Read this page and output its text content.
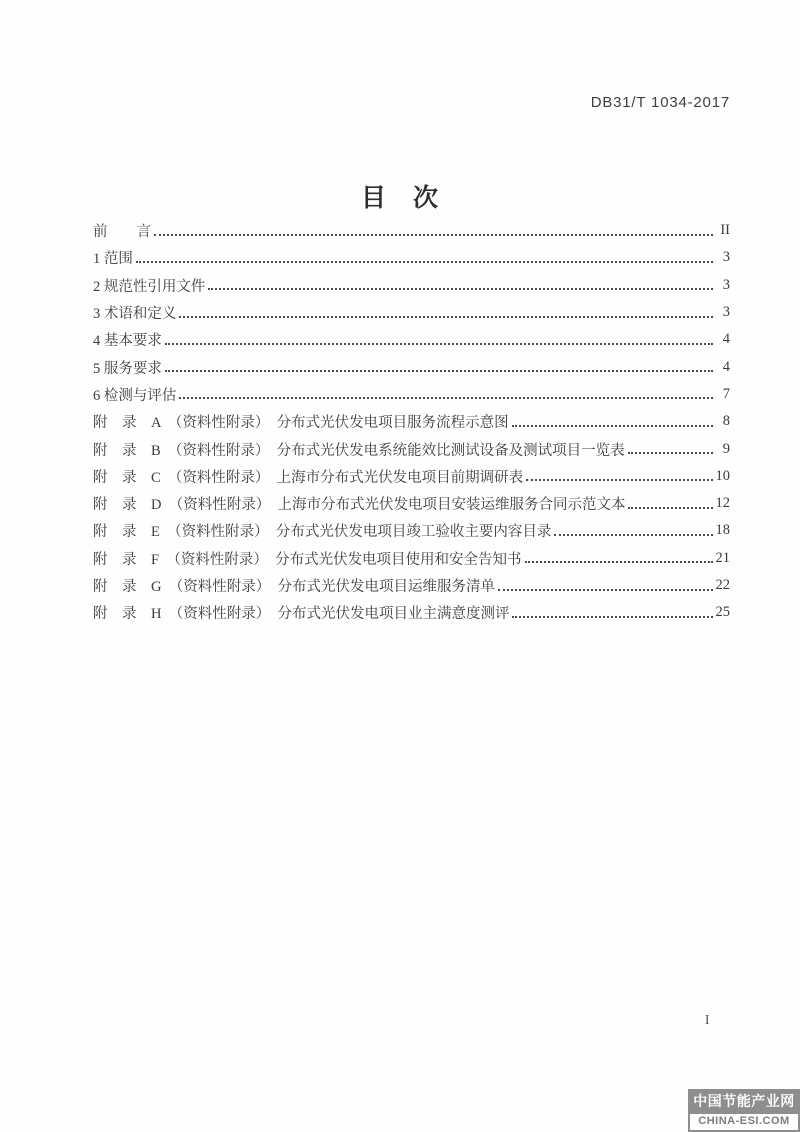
DB31/T 1034-2017
目　次
前　　言	II
1 范围	3
2 规范性引用文件	3
3 术语和定义	3
4 基本要求	4
5 服务要求	4
6 检测与评估	7
附　录　A　（资料性附录）　分布式光伏发电项目服务流程示意图	8
附　录　B　（资料性附录）　分布式光伏发电系统能效比测试设备及测试项目一览表	9
附　录　C　（资料性附录）　上海市分布式光伏发电项目前期调研表	10
附　录　D　（资料性附录）　上海市分布式光伏发电项目安装运维服务合同示范文本	12
附　录　E　（资料性附录）　分布式光伏发电项目竣工验收主要内容目录	18
附　录　F　（资料性附录）　分布式光伏发电项目使用和安全告知书	21
附　录　G　（资料性附录）　分布式光伏发电项目运维服务清单	22
附　录　H　（资料性附录）　分布式光伏发电项目业主满意度测评	25
I
中国节能产业网
CHINA-ESI.COM
